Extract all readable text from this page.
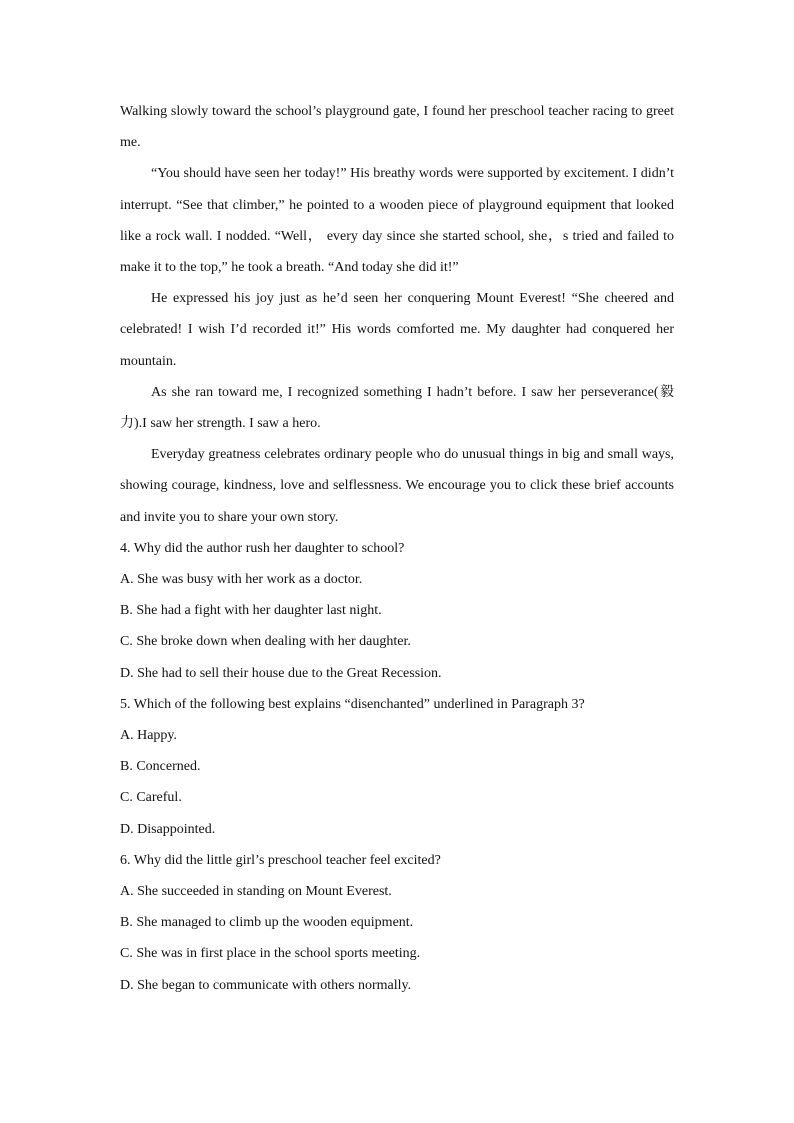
Walking slowly toward the school’s playground gate, I found her preschool teacher racing to greet me.

“You should have seen her today!” His breathy words were supported by excitement. I didn’t interrupt. “See that climber,” he pointed to a wooden piece of playground equipment that looked like a rock wall. I nodded. “Well， every day since she started school, she，s tried and failed to make it to the top,” he took a breath. “And today she did it!”

He expressed his joy just as he’d seen her conquering Mount Everest! “She cheered and celebrated! I wish I’d recorded it!” His words comforted me. My daughter had conquered her mountain.

As she ran toward me, I recognized something I hadn’t before. I saw her perseverance(毅力).I saw her strength. I saw a hero.

Everyday greatness celebrates ordinary people who do unusual things in big and small ways, showing courage, kindness, love and selflessness. We encourage you to click these brief accounts and invite you to share your own story.

4. Why did the author rush her daughter to school?

A. She was busy with her work as a doctor.

B. She had a fight with her daughter last night.

C. She broke down when dealing with her daughter.

D. She had to sell their house due to the Great Recession.

5. Which of the following best explains “disenchanted” underlined in Paragraph 3?

A. Happy.

B. Concerned.

C. Careful.

D. Disappointed.

6. Why did the little girl’s preschool teacher feel excited?

A. She succeeded in standing on Mount Everest.

B. She managed to climb up the wooden equipment.

C. She was in first place in the school sports meeting.

D. She began to communicate with others normally.
